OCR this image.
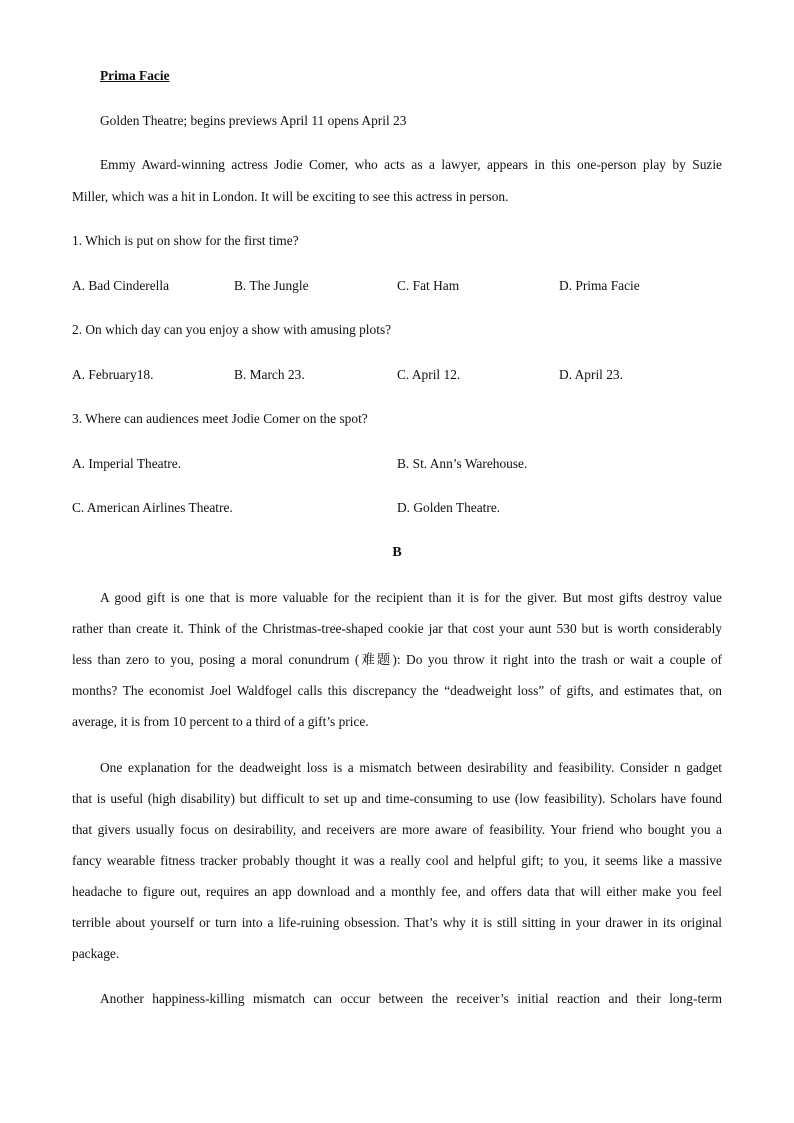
Prima Facie
Golden Theatre; begins previews April 11 opens April 23
Emmy Award-winning actress Jodie Comer, who acts as a lawyer, appears in this one-person play by Suzie
Miller, which was a hit in London. It will be exciting to see this actress in person.
1. Which is put on show for the first time?
A. Bad Cinderella	B. The Jungle	C. Fat Ham	D. Prima Facie
2. On which day can you enjoy a show with amusing plots?
A. February18.	B. March 23.	C. April 12.	D. April 23.
3. Where can audiences meet Jodie Comer on the spot?
A. Imperial Theatre.	B. St. Ann’s Warehouse.
C. American Airlines Theatre.	D. Golden Theatre.
B
A good gift is one that is more valuable for the recipient than it is for the giver. But most gifts destroy value
rather than create it. Think of the Christmas-tree-shaped cookie jar that cost your aunt 530 but is worth considerably
less than zero to you, posing a moral conundrum (难题): Do you throw it right into the trash or wait a couple of
months? The economist Joel Waldfogel calls this discrepancy the “deadweight loss” of gifts, and estimates that, on
average, it is from 10 percent to a third of a gift’s price.
One explanation for the deadweight loss is a mismatch between desirability and feasibility. Consider n gadget
that is useful (high disability) but difficult to set up and time-consuming to use (low feasibility). Scholars have found
that givers usually focus on desirability, and receivers are more aware of feasibility. Your friend who bought you a
fancy wearable fitness tracker probably thought it was a really cool and helpful gift; to you, it seems like a massive
headache to figure out, requires an app download and a monthly fee, and offers data that will either make you feel
terrible about yourself or turn into a life-ruining obsession. That’s why it is still sitting in your drawer in its original
package.
Another happiness-killing mismatch can occur between the receiver’s initial reaction and their long-term
